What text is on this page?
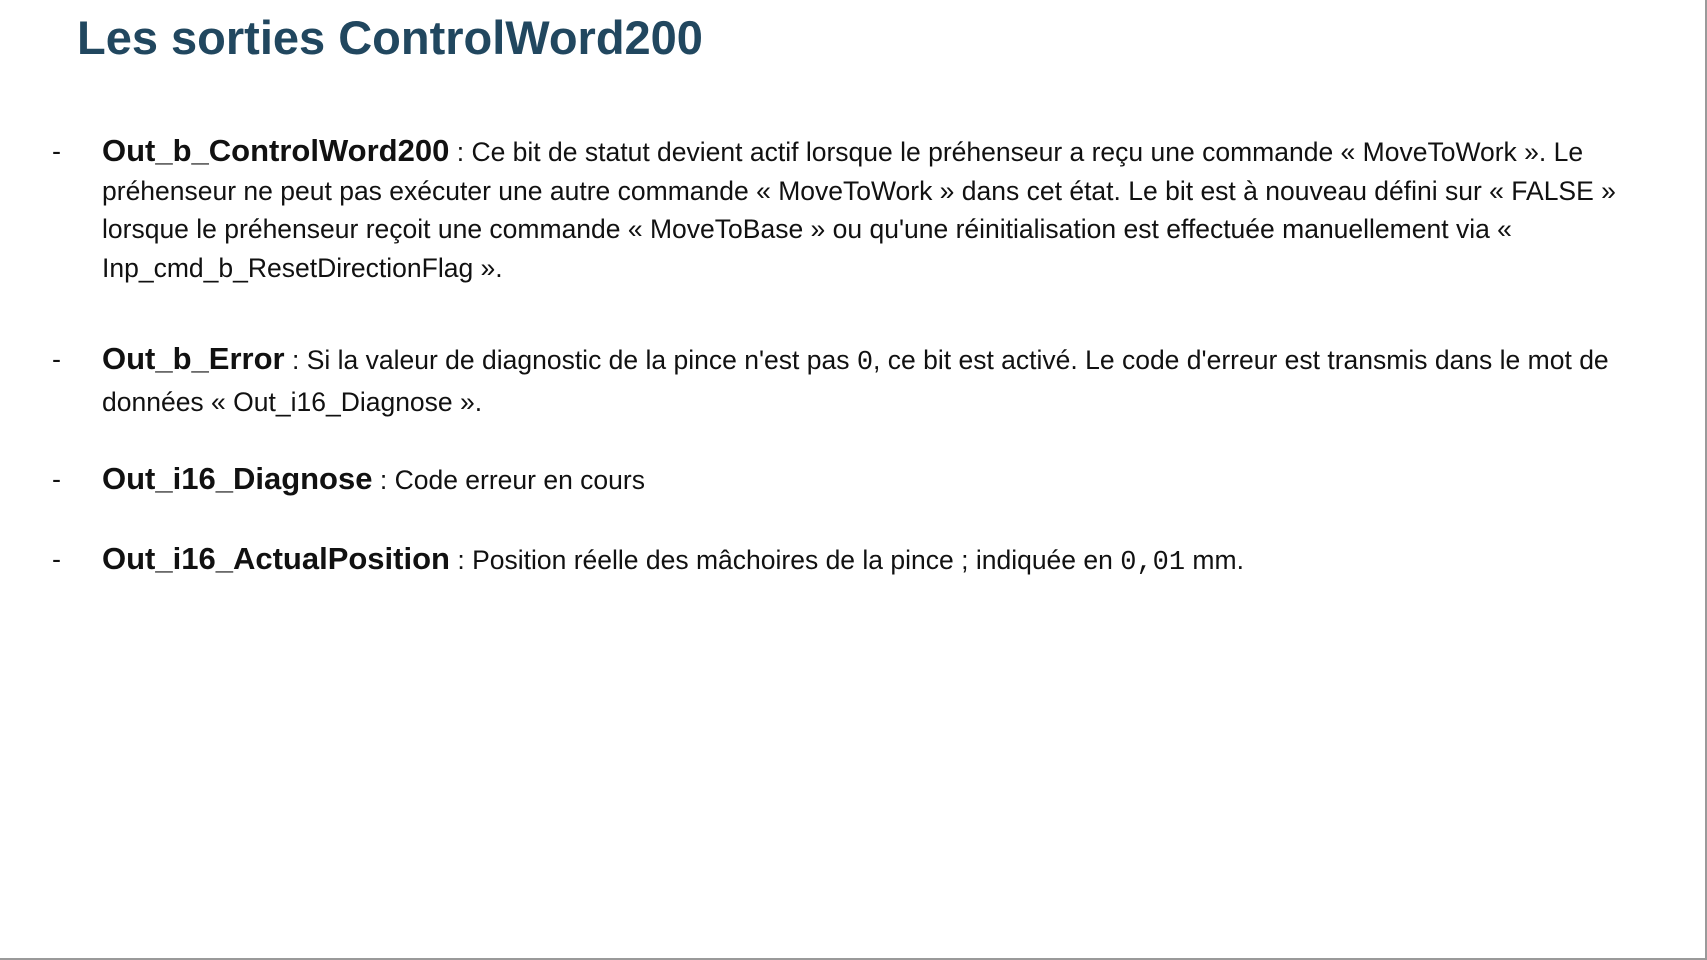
Les sorties ControlWord200
-	Out_b_ControlWord200 : Ce bit de statut devient actif lorsque le préhenseur a reçu une commande « MoveToWork ». Le préhenseur ne peut pas exécuter une autre commande « MoveToWork » dans cet état. Le bit est à nouveau défini sur « FALSE » lorsque le préhenseur reçoit une commande « MoveToBase » ou qu'une réinitialisation est effectuée manuellement via « Inp_cmd_b_ResetDirectionFlag ».
-	Out_b_Error : Si la valeur de diagnostic de la pince n'est pas 0, ce bit est activé. Le code d'erreur est transmis dans le mot de données « Out_i16_Diagnose ».
-	Out_i16_Diagnose : Code erreur en cours
-	Out_i16_ActualPosition : Position réelle des mâchoires de la pince ; indiquée en 0,01 mm.
